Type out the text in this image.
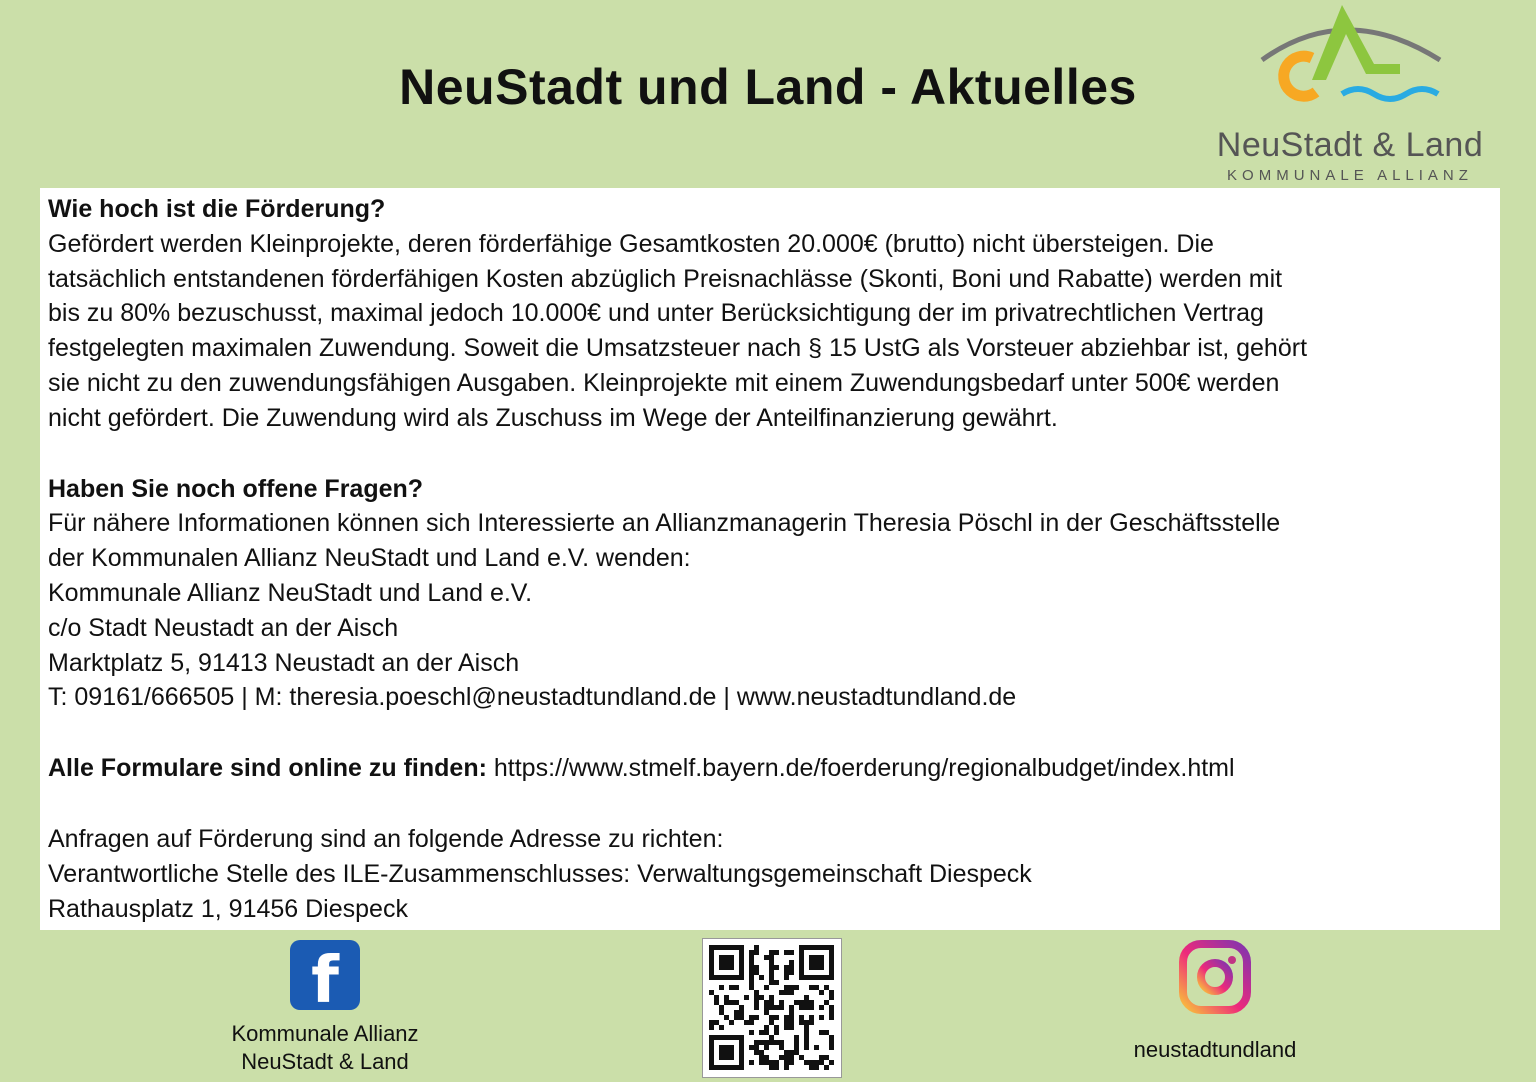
NeuStadt und Land - Aktuelles
NeuStadt & Land
KOMMUNALE ALLIANZ

Wie hoch ist die Förderung?

Gefördert werden Kleinprojekte, deren förderfähige Gesamtkosten 20.000€ (brutto) nicht übersteigen. Die

tatsächlich entstandenen förderfähigen Kosten abzüglich Preisnachlässe (Skonti, Boni und Rabatte) werden mit

bis zu 80% bezuschusst, maximal jedoch 10.000€ und unter Berücksichtigung der im privatrechtlichen Vertrag

festgelegten maximalen Zuwendung. Soweit die Umsatzsteuer nach § 15 UstG als Vorsteuer abziehbar ist, gehört

sie nicht zu den zuwendungsfähigen Ausgaben. Kleinprojekte mit einem Zuwendungsbedarf unter 500€ werden

nicht gefördert. Die Zuwendung wird als Zuschuss im Wege der Anteilfinanzierung gewährt.

Haben Sie noch offene Fragen?

Für nähere Informationen können sich Interessierte an Allianzmanagerin Theresia Pöschl in der Geschäftsstelle

der Kommunalen Allianz NeuStadt und Land e.V. wenden:

Kommunale Allianz NeuStadt und Land e.V.

c/o Stadt Neustadt an der Aisch

Marktplatz 5, 91413 Neustadt an der Aisch

T: 09161/666505 | M: theresia.poeschl@neustadtundland.de | www.neustadtundland.de

Alle Formulare sind online zu finden: https://www.stmelf.bayern.de/foerderung/regionalbudget/index.html

Anfragen auf Förderung sind an folgende Adresse zu richten:

Verantwortliche Stelle des ILE-Zusammenschlusses: Verwaltungsgemeinschaft Diespeck

Rathausplatz 1, 91456 Diespeck

f
Kommunale Allianz
NeuStadt & Land	neustadtundland
